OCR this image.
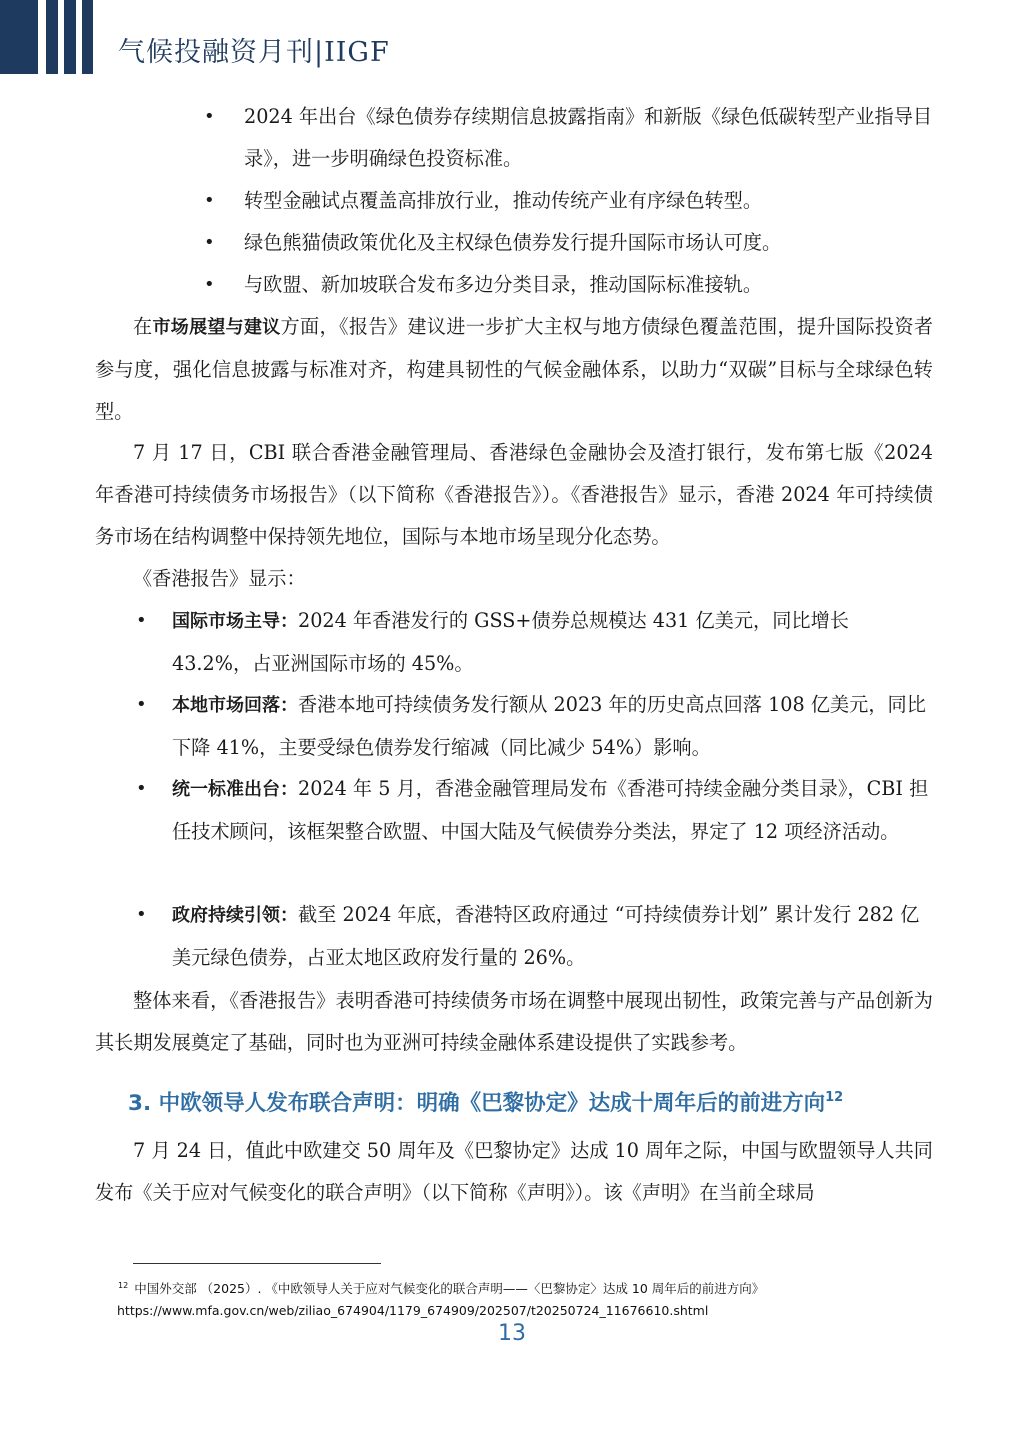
气候投融资月刊|IIGF
• 2024 年出台《绿色债券存续期信息披露指南》和新版《绿色低碳转型产业指导目录》，进一步明确绿色投资标准。
• 转型金融试点覆盖高排放行业，推动传统产业有序绿色转型。
• 绿色熊猫债政策优化及主权绿色债券发行提升国际市场认可度。
• 与欧盟、新加坡联合发布多边分类目录，推动国际标准接轨。
在市场展望与建议方面，《报告》建议进一步扩大主权与地方债绿色覆盖范围，提升国际投资者参与度，强化信息披露与标准对齐，构建具韧性的气候金融体系，以助力“双碳”目标与全球绿色转型。
7 月 17 日，CBI 联合香港金融管理局、香港绿色金融协会及渣打银行，发布第七版《2024 年香港可持续债务市场报告》（以下简称《香港报告》）。《香港报告》显示，香港 2024 年可持续债务市场在结构调整中保持领先地位，国际与本地市场呈现分化态势。
《香港报告》显示：
• 国际市场主导：2024 年香港发行的 GSS+债券总规模达 431 亿美元，同比增长 43.2%，占亚洲国际市场的 45%。
• 本地市场回落：香港本地可持续债务发行额从 2023 年的历史高点回落 108 亿美元，同比下降 41%，主要受绿色债券发行缩减（同比减少 54%）影响。
• 统一标准出台：2024 年 5 月，香港金融管理局发布《香港可持续金融分类目录》，CBI 担任技术顾问，该框架整合欧盟、中国大陆及气候债券分类法，界定了 12 项经济活动。
• 政府持续引领：截至 2024 年底，香港特区政府通过 “可持续债券计划” 累计发行 282 亿美元绿色债券，占亚太地区政府发行量的 26%。
整体来看，《香港报告》表明香港可持续债务市场在调整中展现出韧性，政策完善与产品创新为其长期发展奠定了基础，同时也为亚洲可持续金融体系建设提供了实践参考。
3. 中欧领导人发布联合声明：明确《巴黎协定》达成十周年后的前进方向$^{12}$
7 月 24 日，值此中欧建交 50 周年及《巴黎协定》达成 10 周年之际，中国与欧盟领导人共同发布《关于应对气候变化的联合声明》（以下简称《声明》）。该《声明》在当前全球局
$^{12}$ 中国外交部 （2025）. 《中欧领导人关于应对气候变化的联合声明——〈巴黎协定〉达成 10 周年后的前进方向》
https://www.mfa.gov.cn/web/ziliao_674904/1179_674909/202507/t20250724_11676610.shtml
13
